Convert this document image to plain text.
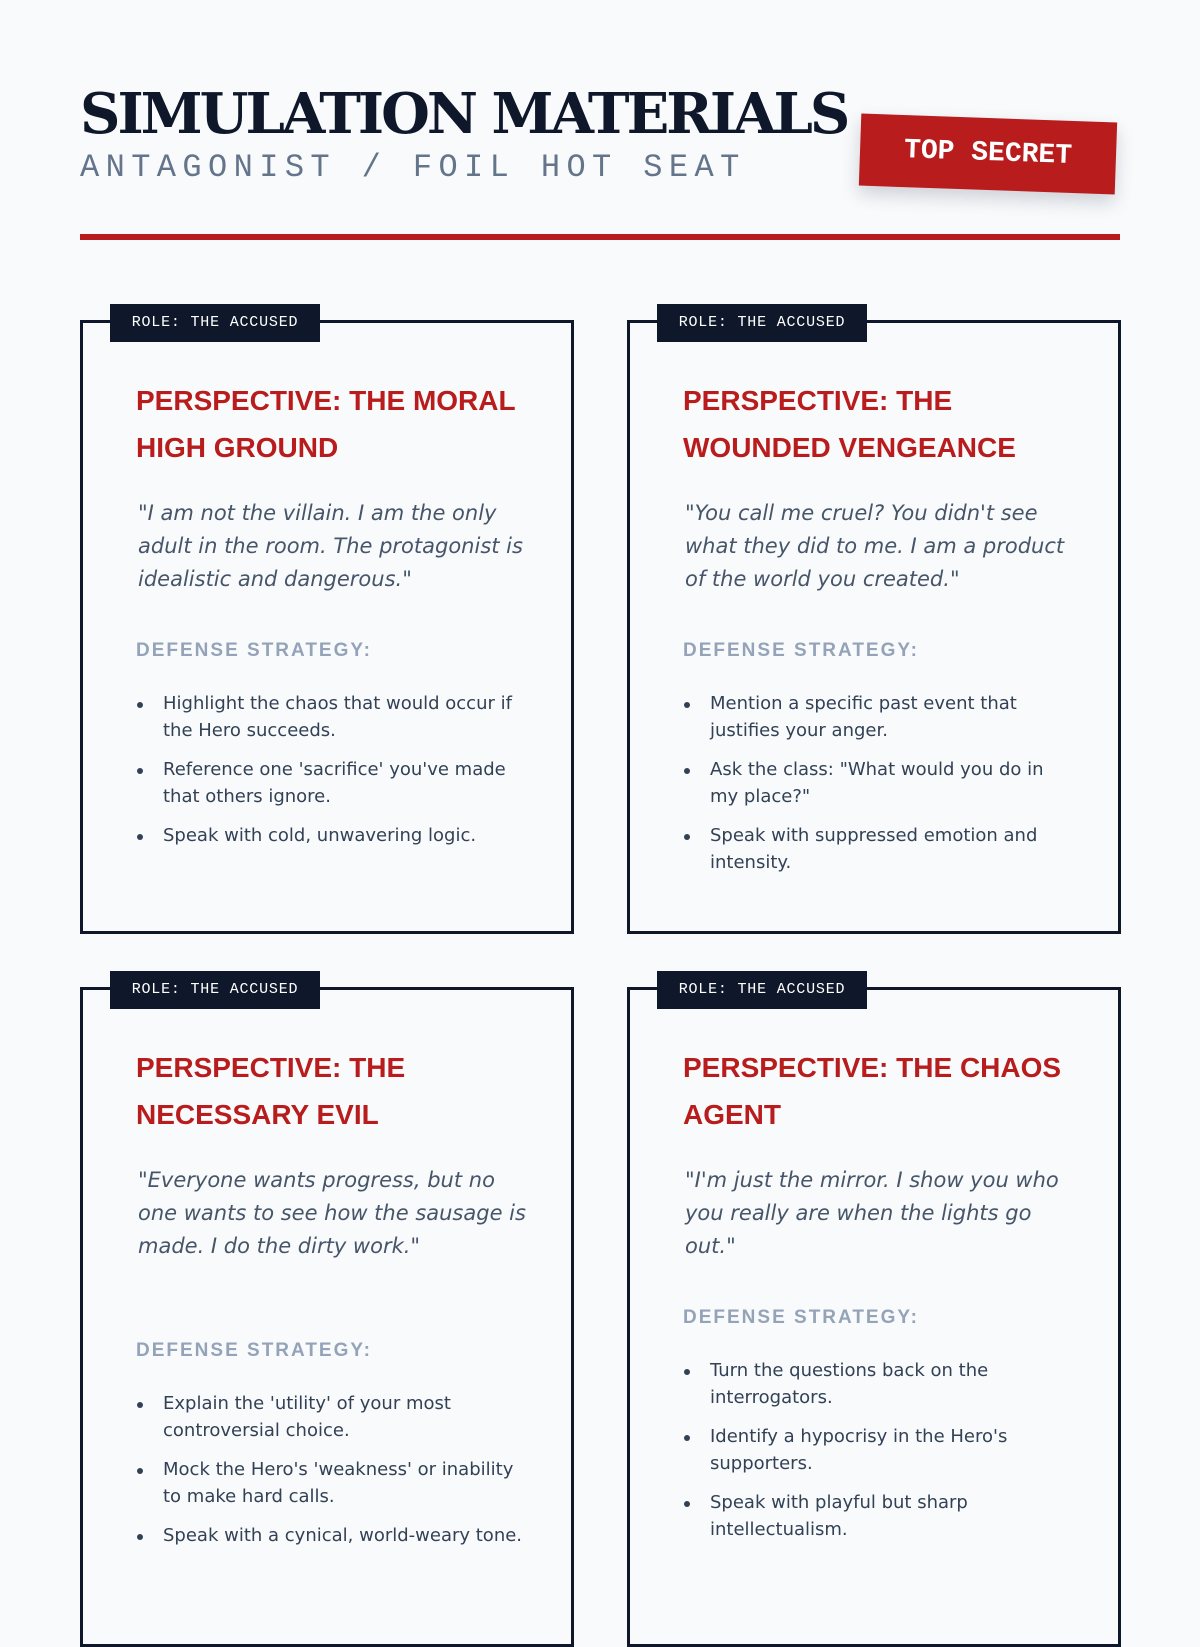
SIMULATION MATERIALS
ANTAGONIST / FOIL HOT SEAT	TOP SECRET
ROLE: THE ACCUSED
PERSPECTIVE: THE MORAL HIGH GROUND

"I am not the villain. I am the only adult in the room. The protagonist is idealistic and dangerous."

DEFENSE STRATEGY:
Highlight the chaos that would occur if the Hero succeeds.
Reference one 'sacrifice' you've made that others ignore.
Speak with cold, unwavering logic.
ROLE: THE ACCUSED
PERSPECTIVE: THE WOUNDED VENGEANCE

"You call me cruel? You didn't see what they did to me. I am a product of the world you created."

DEFENSE STRATEGY:
Mention a specific past event that justifies your anger.
Ask the class: "What would you do in my place?"
Speak with suppressed emotion and intensity.
ROLE: THE ACCUSED
PERSPECTIVE: THE NECESSARY EVIL

"Everyone wants progress, but no one wants to see how the sausage is made. I do the dirty work."

DEFENSE STRATEGY:
Explain the 'utility' of your most controversial choice.
Mock the Hero's 'weakness' or inability to make hard calls.
Speak with a cynical, world-weary tone.
ROLE: THE ACCUSED
PERSPECTIVE: THE CHAOS AGENT

"I'm just the mirror. I show you who you really are when the lights go out."

DEFENSE STRATEGY:
Turn the questions back on the interrogators.
Identify a hypocrisy in the Hero's supporters.
Speak with playful but sharp intellectualism.
